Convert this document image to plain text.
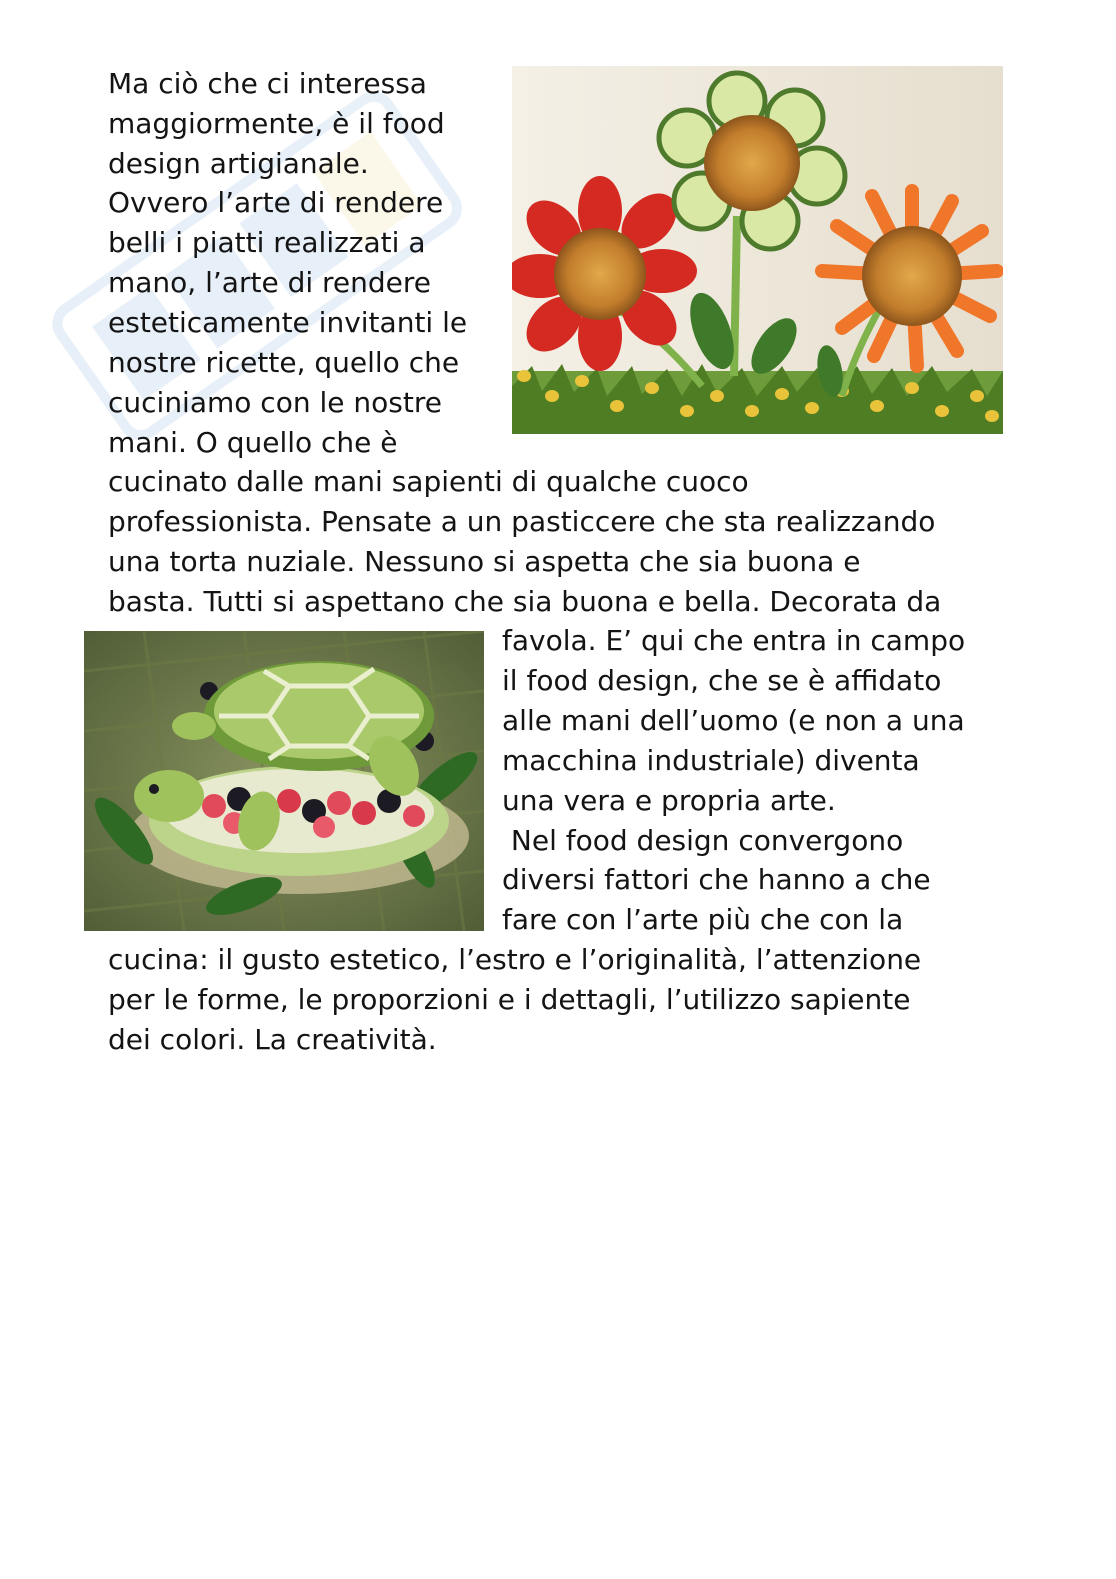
Ma ciò che ci interessa
maggiormente, è il food
design artigianale.
Ovvero l’arte di rendere
belli i piatti realizzati a
mano, l’arte di rendere
esteticamente invitanti le
nostre ricette, quello che
cuciniamo con le nostre
mani. O quello che è
cucinato dalle mani sapienti di qualche cuoco
professionista. Pensate a un pasticcere che sta realizzando
una torta nuziale. Nessuno si aspetta che sia buona e
basta. Tutti si aspettano che sia buona e bella. Decorata da
favola. E’ qui che entra in campo
il food design, che se è affidato
alle mani dell’uomo (e non a una
macchina industriale) diventa
una vera e propria arte.
Nel food design convergono
diversi fattori che hanno a che
fare con l’arte più che con la
cucina: il gusto estetico, l’estro e l’originalità, l’attenzione
per le forme, le proporzioni e i dettagli, l’utilizzo sapiente
dei colori. La creatività.
